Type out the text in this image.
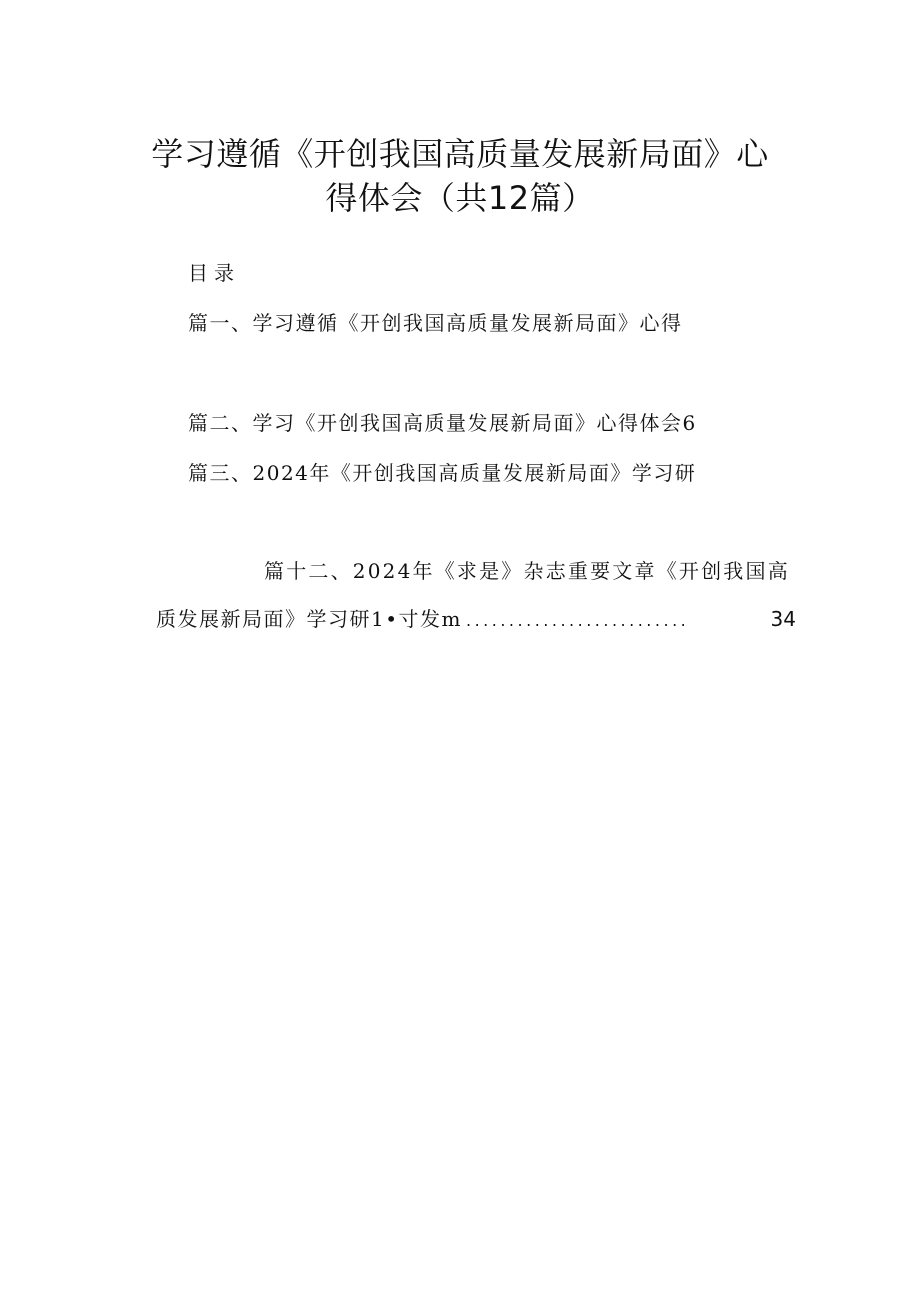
学习遵循《开创我国高质量发展新局面》心
得体会（共12篇）
目录
篇一、学习遵循《开创我国高质量发展新局面》心得
篇二、学习《开创我国高质量发展新局面》心得体会6
篇三、2024年《开创我国高质量发展新局面》学习研
篇十二、2024年《求是》杂志重要文章《开创我国高
质发展新局面》学习研1•寸发m ..........................	34
